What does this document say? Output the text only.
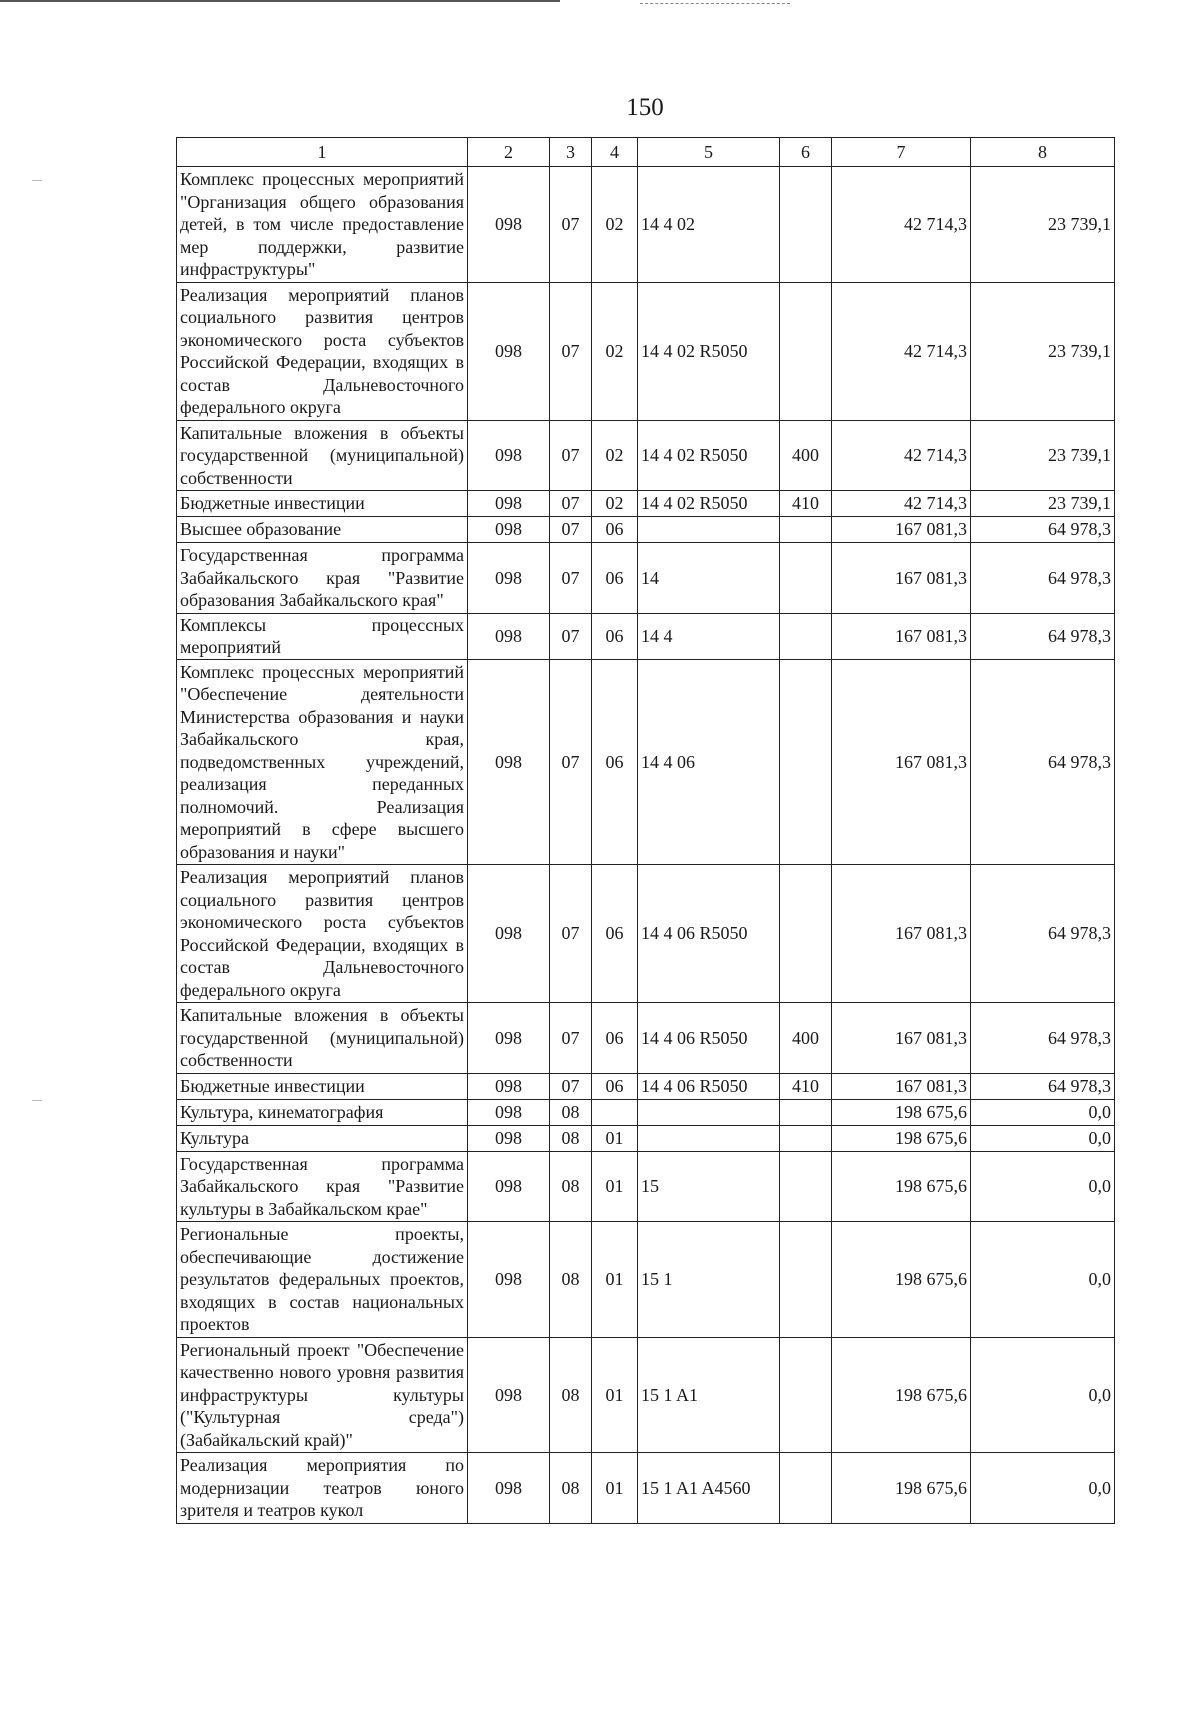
150
1	2	3	4	5	6	7	8
Комплекс процессных мероприятий "Организация общего образования детей, в том числе предоставление мер поддержки, развитие инфраструктуры"	098	07	02	14 4 02		42 714,3	23 739,1
Реализация мероприятий планов социального развития центров экономического роста субъектов Российской Федерации, входящих в состав Дальневосточного федерального округа	098	07	02	14 4 02 R5050		42 714,3	23 739,1
Капитальные вложения в объекты государственной (муниципальной) собственности	098	07	02	14 4 02 R5050	400	42 714,3	23 739,1
Бюджетные инвестиции	098	07	02	14 4 02 R5050	410	42 714,3	23 739,1
Высшее образование	098	07	06			167 081,3	64 978,3
Государственная программа Забайкальского края "Развитие образования Забайкальского края"	098	07	06	14		167 081,3	64 978,3
Комплексы процессных мероприятий	098	07	06	14 4		167 081,3	64 978,3
Комплекс процессных мероприятий "Обеспечение деятельности Министерства образования и науки Забайкальского края, подведомственных учреждений, реализация переданных полномочий. Реализация мероприятий в сфере высшего образования и науки"	098	07	06	14 4 06		167 081,3	64 978,3
Реализация мероприятий планов социального развития центров экономического роста субъектов Российской Федерации, входящих в состав Дальневосточного федерального округа	098	07	06	14 4 06 R5050		167 081,3	64 978,3
Капитальные вложения в объекты государственной (муниципальной) собственности	098	07	06	14 4 06 R5050	400	167 081,3	64 978,3
Бюджетные инвестиции	098	07	06	14 4 06 R5050	410	167 081,3	64 978,3
Культура, кинематография	098	08				198 675,6	0,0
Культура	098	08	01			198 675,6	0,0
Государственная программа Забайкальского края "Развитие культуры в Забайкальском крае"	098	08	01	15		198 675,6	0,0
Региональные проекты, обеспечивающие достижение результатов федеральных проектов, входящих в состав национальных проектов	098	08	01	15 1		198 675,6	0,0
Региональный проект "Обеспечение качественно нового уровня развития инфраструктуры культуры ("Культурная среда") (Забайкальский край)"	098	08	01	15 1 A1		198 675,6	0,0
Реализация мероприятия по модернизации театров юного зрителя и театров кукол	098	08	01	15 1 A1 A4560		198 675,6	0,0
